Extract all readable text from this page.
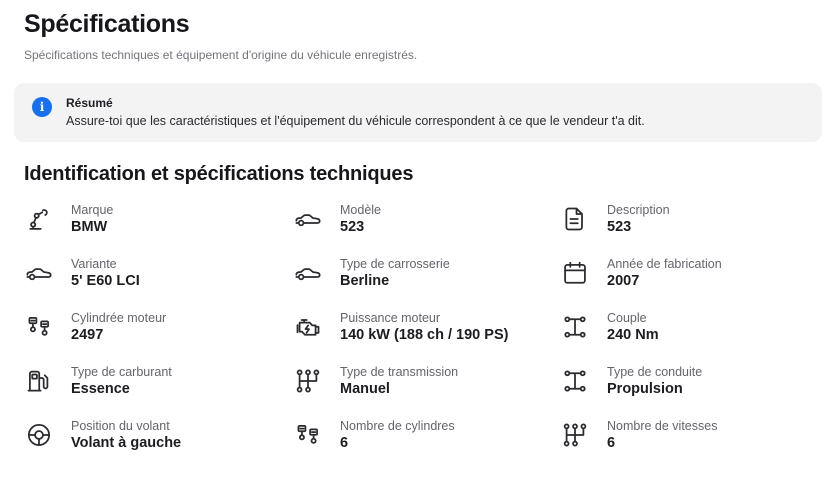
Spécifications
Spécifications techniques et équipement d'origine du véhicule enregistrés.
i	Résumé
Assure-toi que les caractéristiques et l'équipement du véhicule correspondent à ce que le vendeur t'a dit.
Identification et spécifications techniques
Marque
BMW
Modèle
523
Description
523
Variante
5' E60 LCI
Type de carrosserie
Berline
Année de fabrication
2007
Cylindrée moteur
2497
Puissance moteur
140 kW (188 ch / 190 PS)
Couple
240 Nm
Type de carburant
Essence
Type de transmission
Manuel
Type de conduite
Propulsion
Position du volant
Volant à gauche
Nombre de cylindres
6
Nombre de vitesses
6
